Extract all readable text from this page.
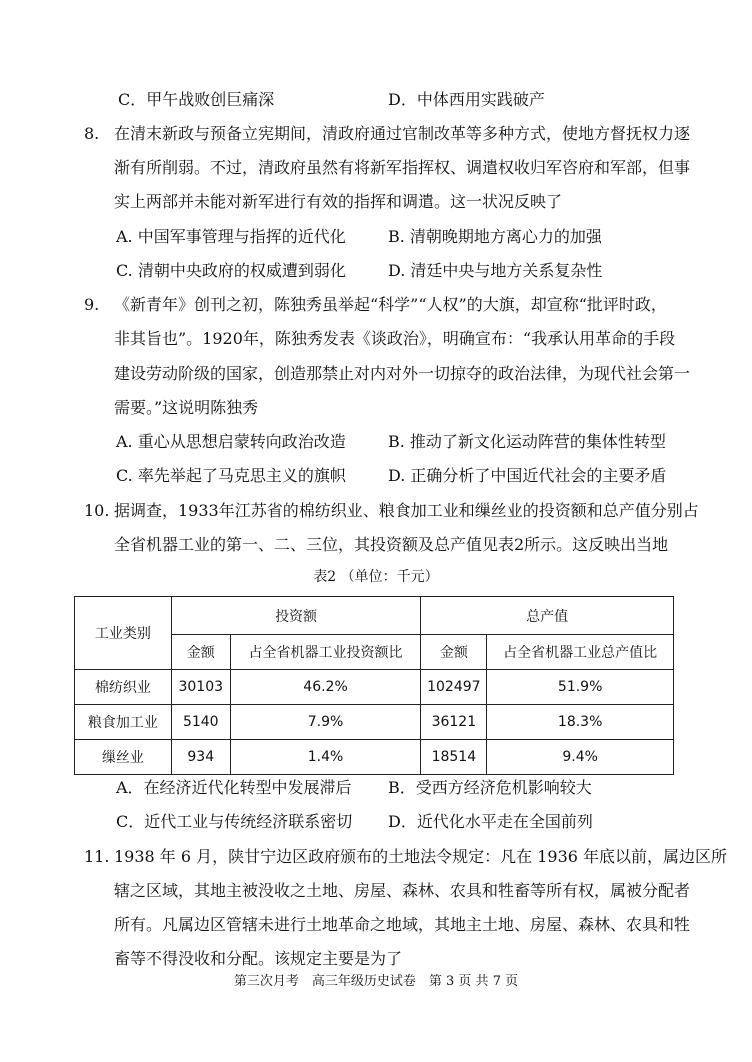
C．甲午战败创巨痛深	D．中体西用实践破产
8. 在清末新政与预备立宪期间，清政府通过官制改革等多种方式，使地方督抚权力逐
渐有所削弱。不过，清政府虽然有将新军指挥权、调遣权收归军咨府和军部，但事
实上两部并未能对新军进行有效的指挥和调遣。这一状况反映了
A. 中国军事管理与指挥的近代化	B. 清朝晚期地方离心力的加强
C. 清朝中央政府的权威遭到弱化	D. 清廷中央与地方关系复杂性
9. 《新青年》创刊之初，陈独秀虽举起“科学”“人权”的大旗，却宣称“批评时政，
非其旨也”。1920年，陈独秀发表《谈政治》，明确宣布：“我承认用革命的手段
建设劳动阶级的国家，创造那禁止对内对外一切掠夺的政治法律，为现代社会第一
需要。”这说明陈独秀
A. 重心从思想启蒙转向政治改造	B. 推动了新文化运动阵营的集体性转型
C. 率先举起了马克思主义的旗帜	D. 正确分析了中国近代社会的主要矛盾
10. 据调查，1933年江苏省的棉纺织业、粮食加工业和缫丝业的投资额和总产值分别占
全省机器工业的第一、二、三位，其投资额及总产值见表2所示。这反映出当地
表2 （单位：千元）
工业类别	投资额		总产值	
	金额	占全省机器工业投资额比	金额	占全省机器工业总产值比
棉纺织业	30103	46.2%	102497	51.9%
粮食加工业	5140	7.9%	36121	18.3%
缫丝业	934	1.4%	18514	9.4%
A．在经济近代化转型中发展滞后 B．受西方经济危机影响较大
C．近代工业与传统经济联系密切 D．近代化水平走在全国前列
11. 1938 年 6 月，陕甘宁边区政府颁布的土地法令规定：凡在 1936 年底以前，属边区所
辖之区域，其地主被没收之土地、房屋、森林、农具和牲畜等所有权，属被分配者
所有。凡属边区管辖未进行土地革命之地域，其地主土地、房屋、森林、农具和牲
畜等不得没收和分配。该规定主要是为了
第三次月考　高三年级历史试卷　第 3 页 共 7 页
